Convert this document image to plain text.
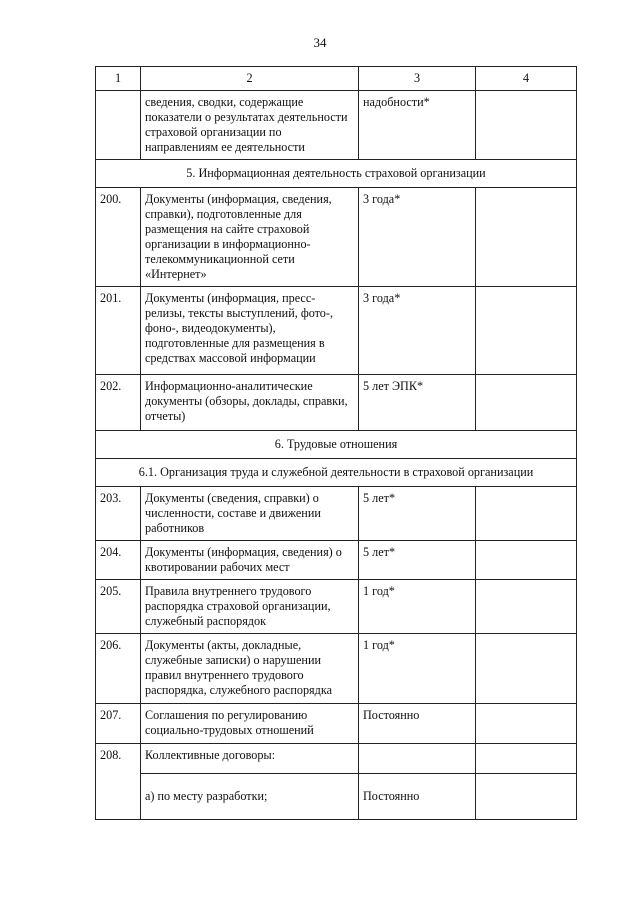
34
1	2	3	4
	сведения, сводки, содержащие показатели о результатах деятельности страховой организации по направлениям ее деятельности	надобности*	
5. Информационная деятельность страховой организации			
200.	Документы (информация, сведения, справки), подготовленные для размещения на сайте страховой организации в информационно-телекоммуникационной сети «Интернет»	3 года*	
201.	Документы (информация, пресс-релизы, тексты выступлений, фото-, фоно-, видеодокументы), подготовленные для размещения в средствах массовой информации	3 года*	
202.	Информационно-аналитические документы (обзоры, доклады, справки, отчеты)	5 лет ЭПК*	
6. Трудовые отношения			
6.1. Организация труда и служебной деятельности в страховой организации			
203.	Документы (сведения, справки) о численности, составе и движении работников	5 лет*	
204.	Документы (информация, сведения) о квотировании рабочих мест	5 лет*	
205.	Правила внутреннего трудового распорядка страховой организации, служебный распорядок	1 год*	
206.	Документы (акты, докладные, служебные записки) о нарушении правил внутреннего трудового распорядка, служебного распорядка	1 год*	
207.	Соглашения по регулированию социально-трудовых отношений	Постоянно	
208.	Коллективные договоры:		
	а) по месту разработки;	Постоянно	
